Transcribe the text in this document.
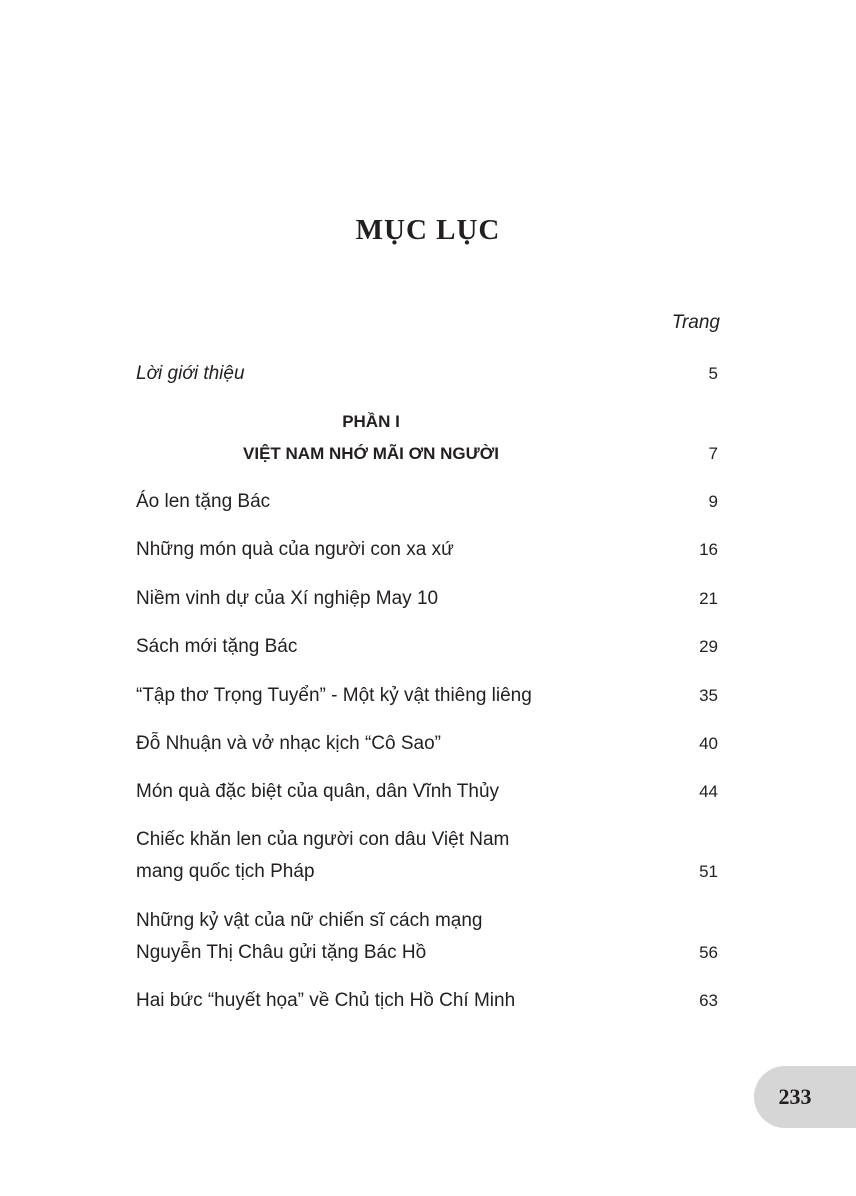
MỤC LỤC
Trang
Lời giới thiệu	5
PHẦN I
VIỆT NAM NHỚ MÃI ƠN NGƯỜI	7
Áo len tặng Bác	9
Những món quà của người con xa xứ	16
Niềm vinh dự của Xí nghiệp May 10	21
Sách mới tặng Bác	29
“Tập thơ Trọng Tuyển” - Một kỷ vật thiêng liêng	35
Đỗ Nhuận và vở nhạc kịch “Cô Sao”	40
Món quà đặc biệt của quân, dân Vĩnh Thủy	44
Chiếc khăn len của người con dâu Việt Nam
mang quốc tịch Pháp	51
Những kỷ vật của nữ chiến sĩ cách mạng
Nguyễn Thị Châu gửi tặng Bác Hồ	56
Hai bức “huyết họa” về Chủ tịch Hồ Chí Minh	63
233
